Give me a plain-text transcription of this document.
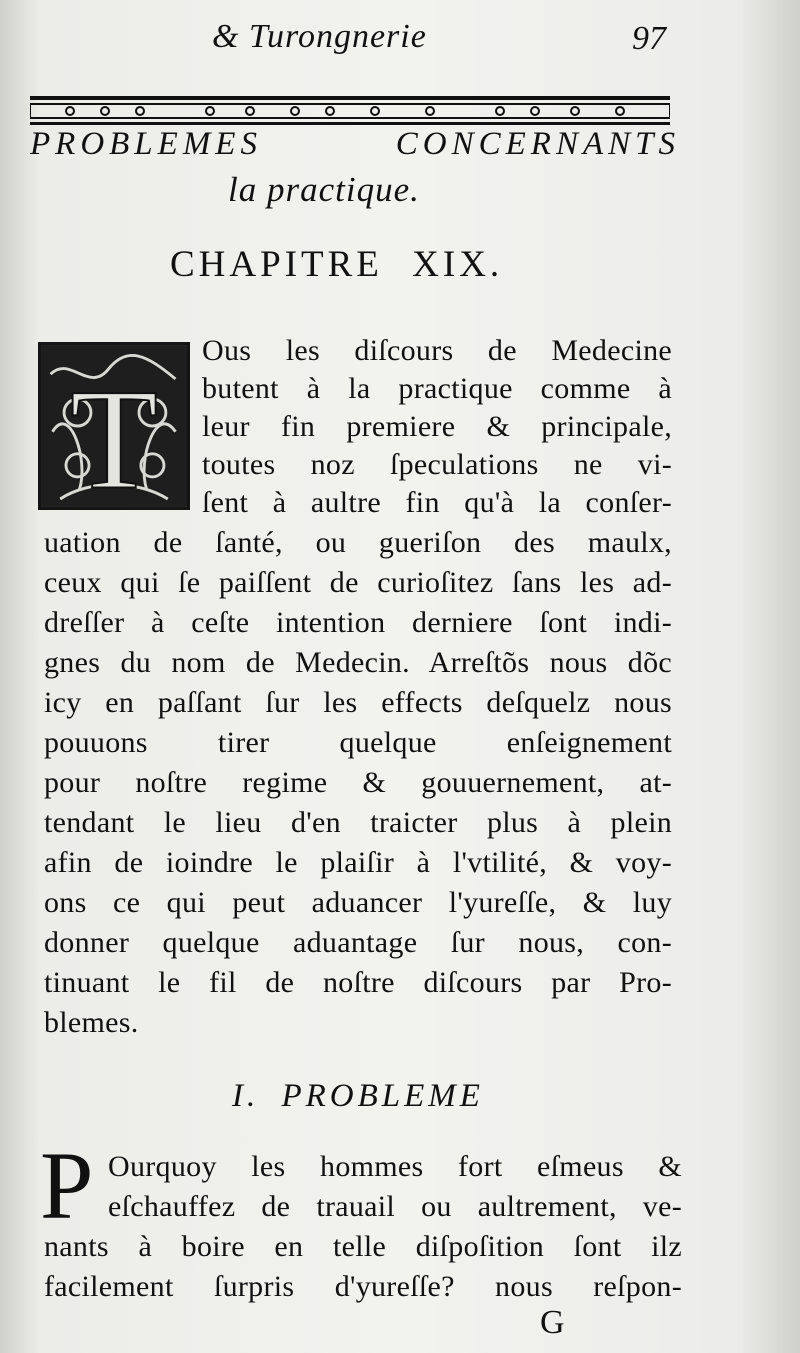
& Turongnerie	97
PROBLEMES CONCERNANTS
la practique.
CHAPITRE XIX.
T
Ous les diſcours de Medecine
butent à la practique comme à
leur fin premiere & principale,
toutes noz ſpeculations ne vi-
ſent à aultre fin qu'à la conſer-
uation de ſanté, ou gueriſon des maulx,
ceux qui ſe paiſſent de curioſitez ſans les ad-
dreſſer à ceſte intention derniere ſont indi-
gnes du nom de Medecin. Arreſtõs nous dõc
icy en paſſant ſur les effects deſquelz nous
pouuons tirer quelque enſeignement
pour noſtre regime & gouuernement, at-
tendant le lieu d'en traicter plus à plein
afin de ioindre le plaiſir à l'vtilité, & voy-
ons ce qui peut aduancer l'yureſſe, & luy
donner quelque aduantage ſur nous, con-
tinuant le fil de noſtre diſcours par Pro-
blemes.
I. PROBLEME
P Ourquoy les hommes fort eſmeus &
eſchauffez de trauail ou aultrement, ve-
nants à boire en telle diſpoſition ſont ilz
facilement ſurpris d'yureſſe? nous reſpon-
G
